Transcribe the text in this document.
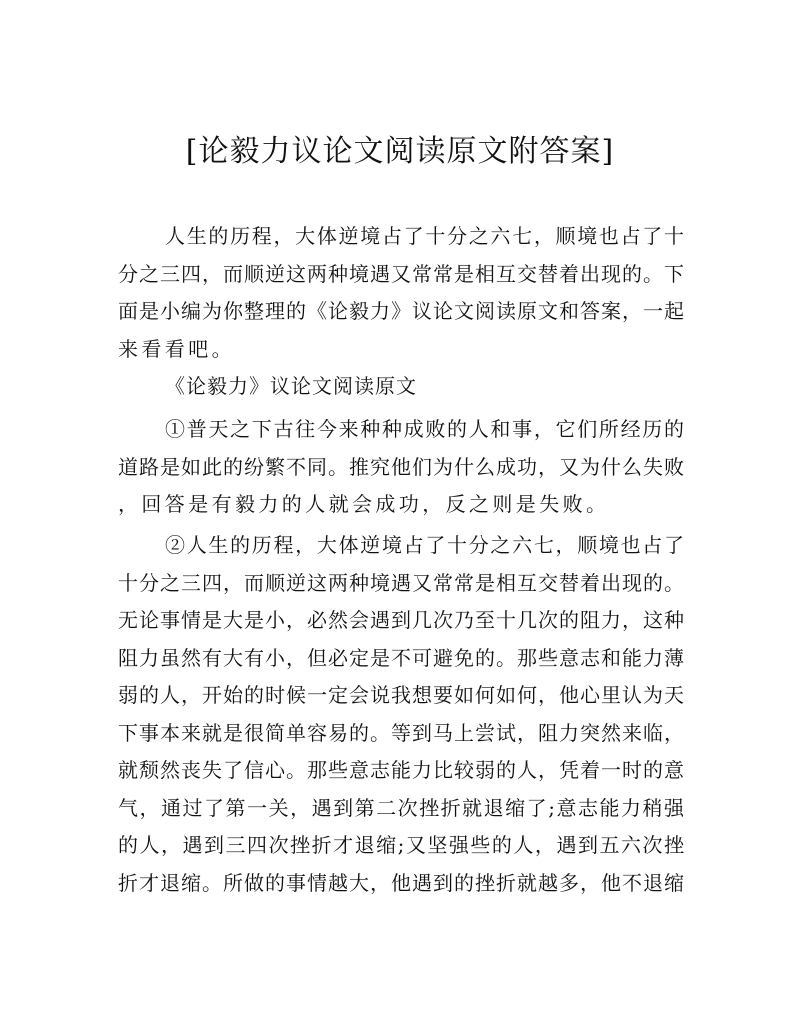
[论毅力议论文阅读原文附答案]
人生的历程，大体逆境占了十分之六七，顺境也占了十
分之三四，而顺逆这两种境遇又常常是相互交替着出现的。下
面是小编为你整理的《论毅力》议论文阅读原文和答案，一起
来看看吧。
《论毅力》议论文阅读原文
①普天之下古往今来种种成败的人和事，它们所经历的
道路是如此的纷繁不同。推究他们为什么成功，又为什么失败
，回答是有毅力的人就会成功，反之则是失败。
②人生的历程，大体逆境占了十分之六七，顺境也占了
十分之三四，而顺逆这两种境遇又常常是相互交替着出现的。
无论事情是大是小，必然会遇到几次乃至十几次的阻力，这种
阻力虽然有大有小，但必定是不可避免的。那些意志和能力薄
弱的人，开始的时候一定会说我想要如何如何，他心里认为天
下事本来就是很简单容易的。等到马上尝试，阻力突然来临，
就颓然丧失了信心。那些意志能力比较弱的人，凭着一时的意
气，通过了第一关，遇到第二次挫折就退缩了;意志能力稍强
的人，遇到三四次挫折才退缩;又坚强些的人，遇到五六次挫
折才退缩。所做的事情越大，他遇到的挫折就越多，他不退缩
